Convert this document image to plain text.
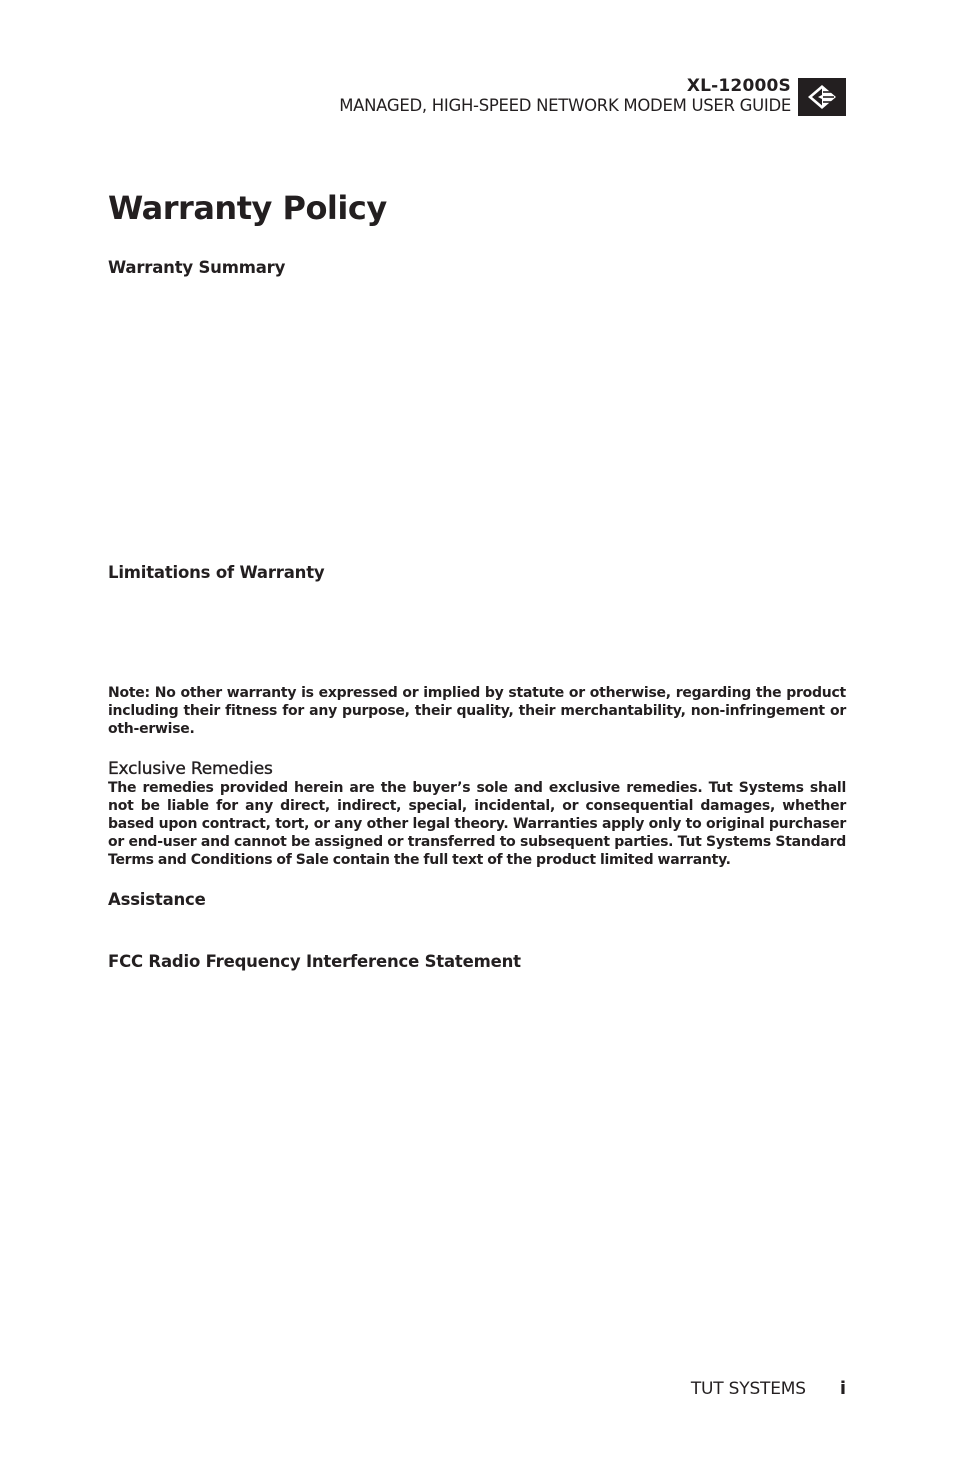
XL-12000S
MANAGED, HIGH-SPEED NETWORK MODEM USER GUIDE
Warranty Policy
Warranty Summary
Limitations of Warranty

Note: No other warranty is expressed or implied by statute or otherwise, regarding the product including their fitness for any purpose, their quality, their merchantability, non-infringement or oth-erwise.

Exclusive Remedies

The remedies provided herein are the buyer’s sole and exclusive remedies. Tut Systems shall not be liable for any direct, indirect, special, incidental, or consequential damages, whether based upon contract, tort, or any other legal theory. Warranties apply only to original purchaser or end-user and cannot be assigned or transferred to subsequent parties. Tut Systems Standard Terms and Conditions of Sale contain the full text of the product limited warranty.

Assistance
FCC Radio Frequency Interference Statement
TUT SYSTEMS i
